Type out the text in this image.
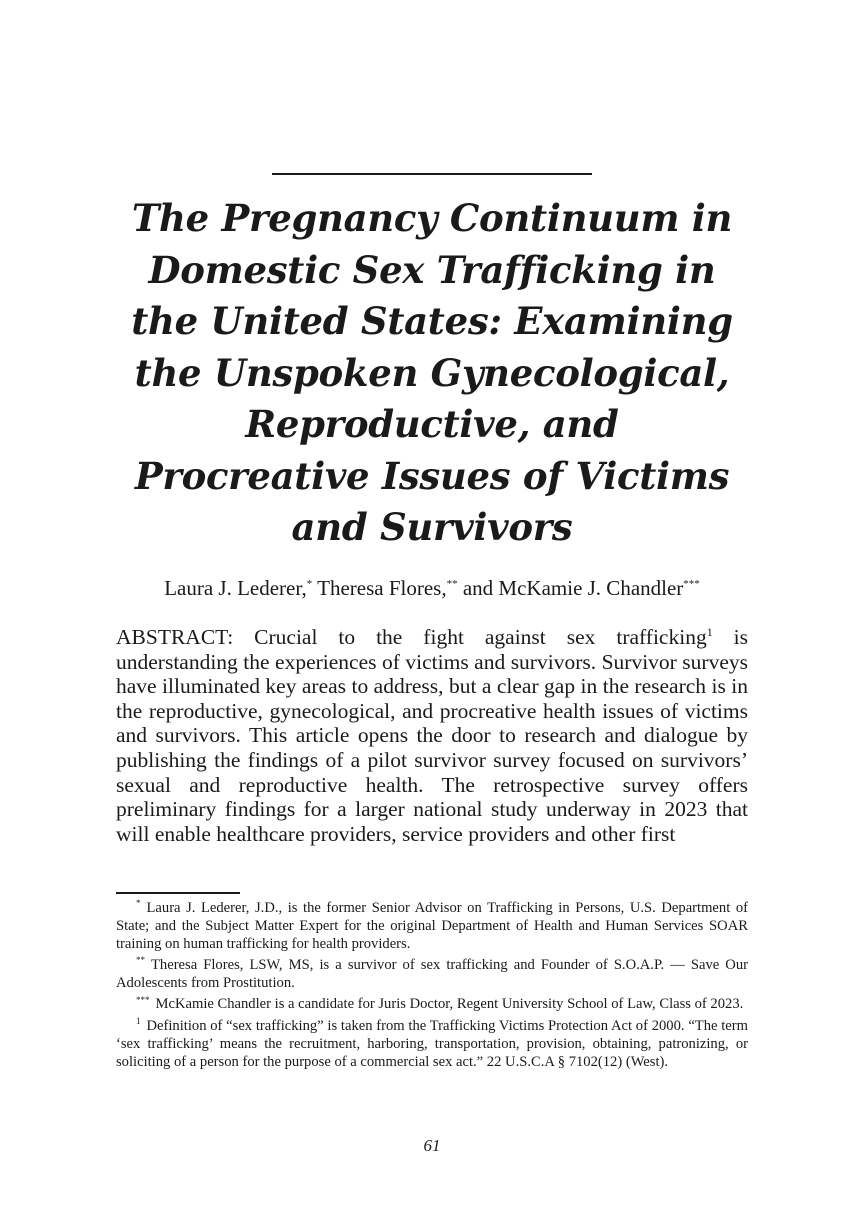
The Pregnancy Continuum in
Domestic Sex Trafficking in
the United States: Examining
the Unspoken Gynecological,
Reproductive, and
Procreative Issues of Victims
and Survivors
Laura J. Lederer,* Theresa Flores,** and McKamie J. Chandler***

ABSTRACT: Crucial to the fight against sex trafficking$^1$ is understanding the experiences of victims and survivors. Survivor surveys have illuminated key areas to address, but a clear gap in the research is in the reproductive, gynecological, and procreative health issues of victims and survivors. This article opens the door to research and dialogue by publishing the findings of a pilot survivor survey focused on survivors’ sexual and reproductive health. The retrospective survey offers preliminary findings for a larger national study underway in 2023 that will enable healthcare providers, service providers and other first

* Laura J. Lederer, J.D., is the former Senior Advisor on Trafficking in Persons, U.S. Department of State; and the Subject Matter Expert for the original Department of Health and Human Services SOAR training on human trafficking for health providers.

** Theresa Flores, LSW, MS, is a survivor of sex trafficking and Founder of S.O.A.P. — Save Our Adolescents from Prostitution.

*** McKamie Chandler is a candidate for Juris Doctor, Regent University School of Law, Class of 2023.

$^1$ Definition of “sex trafficking” is taken from the Trafficking Victims Protection Act of 2000. “The term ‘sex trafficking’ means the recruitment, harboring, transportation, provision, obtaining, patronizing, or soliciting of a person for the purpose of a commercial sex act.” 22 U.S.C.A § 7102(12) (West).

61
